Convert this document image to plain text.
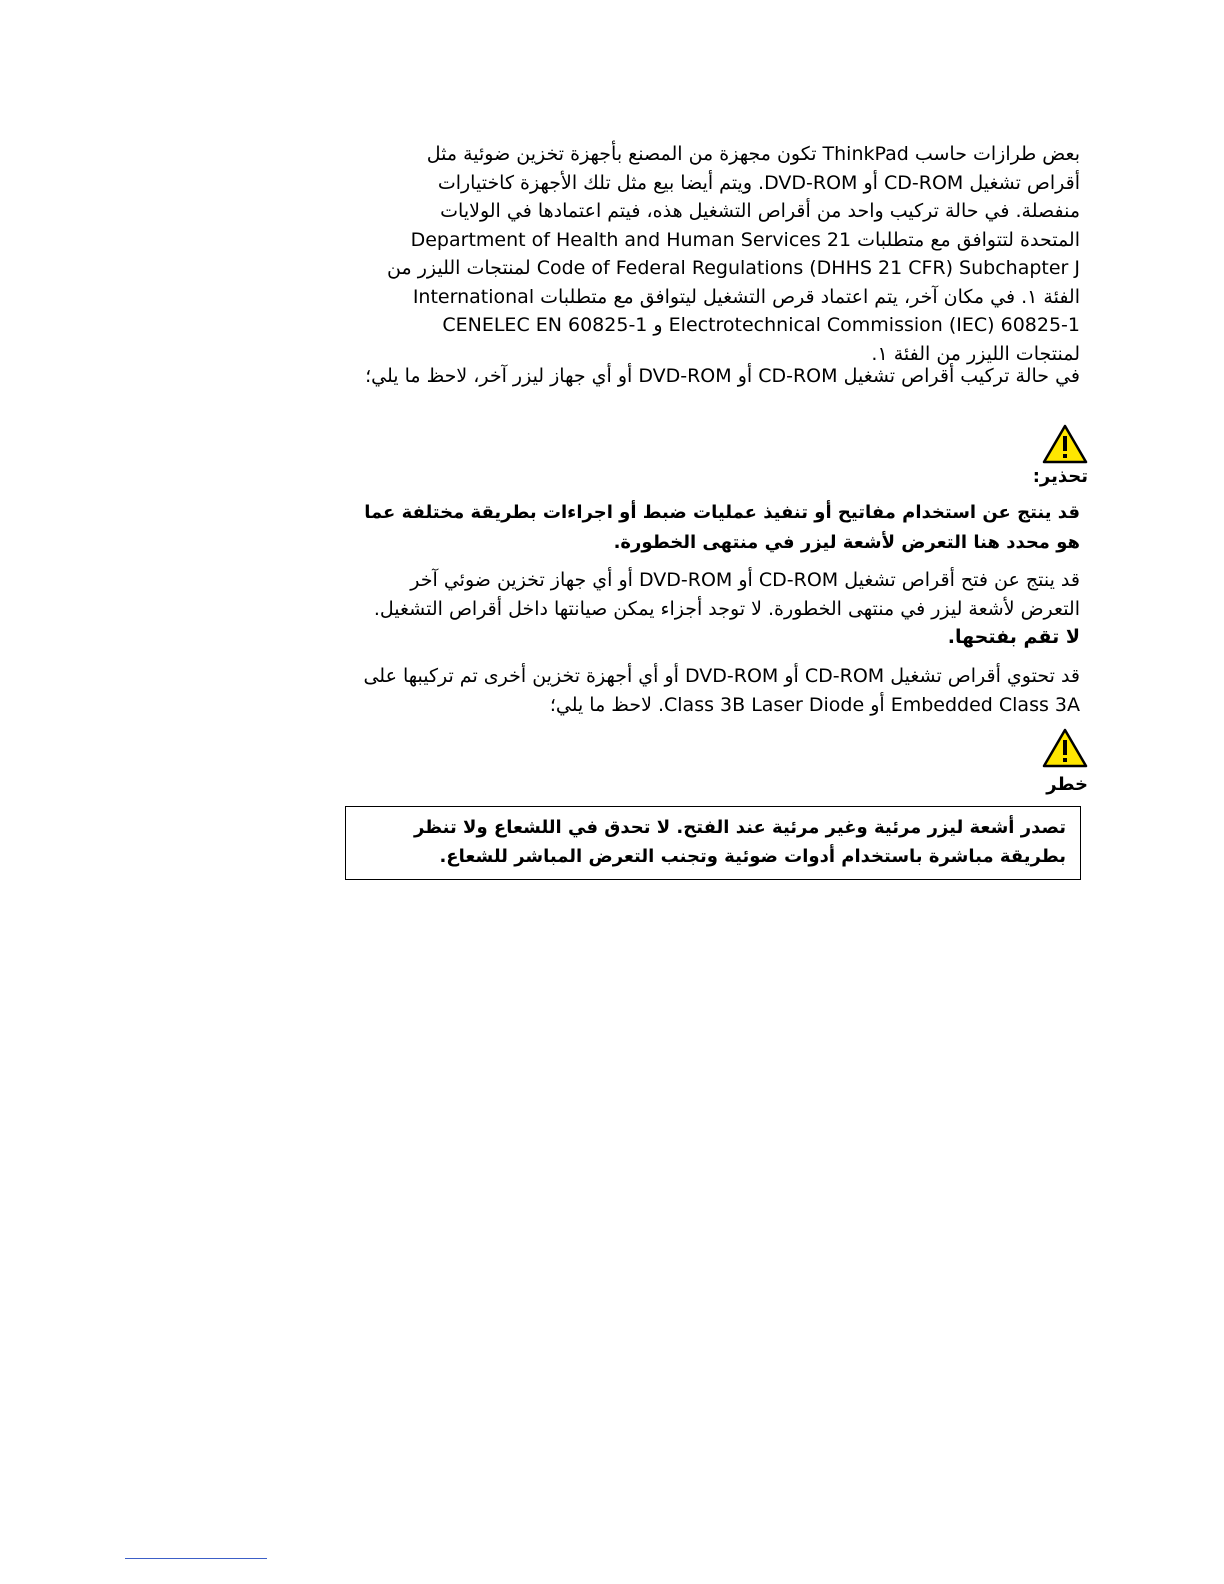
بعض طرازات حاسب ThinkPad تكون مجهزة من المصنع بأجهزة تخزين ضوئية مثل أقراص تشغيل CD-ROM أو DVD-ROM. ويتم أيضا بيع مثل تلك الأجهزة كاختيارات منفصلة. في حالة تركيب واحد من أقراص التشغيل هذه، فيتم اعتمادها في الولايات المتحدة لتتوافق مع متطلبات Department of Health and Human Services 21 Code of Federal Regulations (DHHS 21 CFR) Subchapter J لمنتجات الليزر من الفئة ١. في مكان آخر، يتم اعتماد قرص التشغيل ليتوافق مع متطلبات International Electrotechnical Commission (IEC) 60825-1 و CENELEC EN 60825-1 لمنتجات الليزر من الفئة ١.

في حالة تركيب أقراص تشغيل CD-ROM أو DVD-ROM أو أي جهاز ليزر آخر، لاحظ ما يلي؛

تحذير:

قد ينتج عن استخدام مفاتيح أو تنفيذ عمليات ضبط أو اجراءات بطريقة مختلفة عما هو محدد هنا التعرض لأشعة ليزر في منتهى الخطورة.

قد ينتج عن فتح أقراص تشغيل CD-ROM أو DVD-ROM أو أي جهاز تخزين ضوئي آخر التعرض لأشعة ليزر في منتهى الخطورة. لا توجد أجزاء يمكن صيانتها داخل أقراص التشغيل. لا تقم بفتحها.

قد تحتوي أقراص تشغيل CD-ROM أو DVD-ROM أو أي أجهزة تخزين أخرى تم تركيبها على Embedded Class 3A أو Class 3B Laser Diode. لاحظ ما يلي؛

خطر
تصدر أشعة ليزر مرئية وغير مرئية عند الفتح. لا تحدق في اللشعاع ولا تنظر بطريقة مباشرة باستخدام أدوات ضوئية وتجنب التعرض المباشر للشعاع.
